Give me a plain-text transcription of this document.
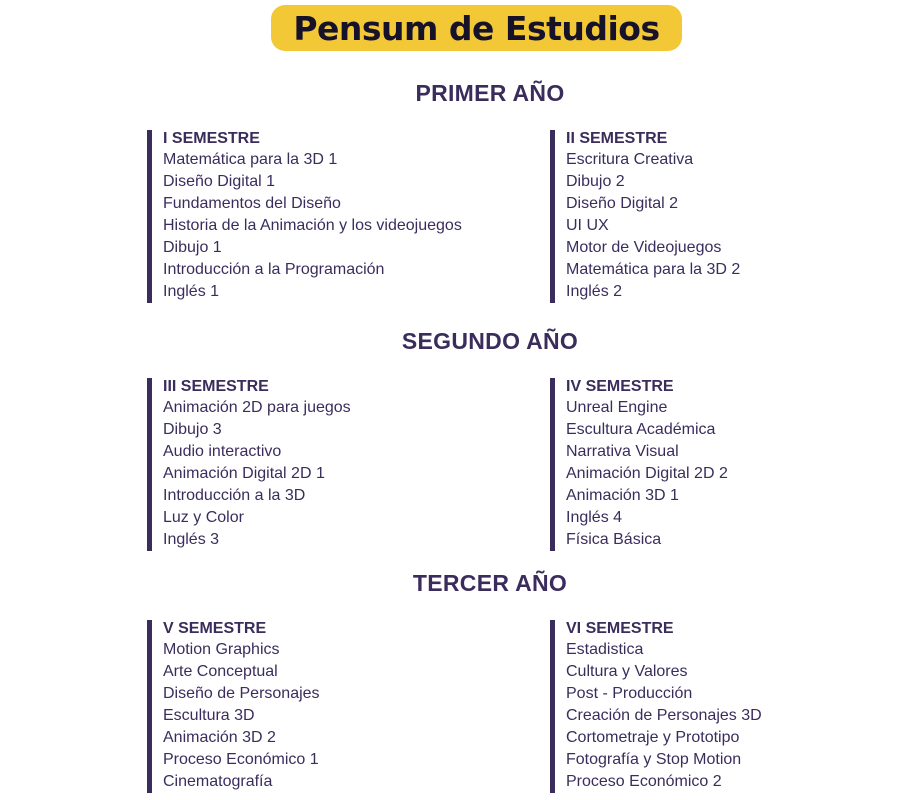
Pensum de Estudios
PRIMER AÑO
I SEMESTRE
Matemática para la 3D 1
Diseño Digital 1
Fundamentos del Diseño
Historia de la Animación y los videojuegos
Dibujo 1
Introducción a la Programación
Inglés 1
II SEMESTRE
Escritura Creativa
Dibujo 2
Diseño Digital 2
UI UX
Motor de Videojuegos
Matemática para la 3D 2
Inglés 2
SEGUNDO AÑO
III SEMESTRE
Animación 2D para juegos
Dibujo 3
Audio interactivo
Animación Digital 2D 1
Introducción a la 3D
Luz y Color
Inglés 3
IV SEMESTRE
Unreal Engine
Escultura Académica
Narrativa Visual
Animación Digital 2D 2
Animación 3D 1
Inglés 4
Física Básica
TERCER AÑO
V SEMESTRE
Motion Graphics
Arte Conceptual
Diseño de Personajes
Escultura 3D
Animación 3D 2
Proceso Económico 1
Cinematografía
VI SEMESTRE
Estadistica
Cultura y Valores
Post - Producción
Creación de Personajes 3D
Cortometraje y Prototipo
Fotografía y Stop Motion
Proceso Económico 2
